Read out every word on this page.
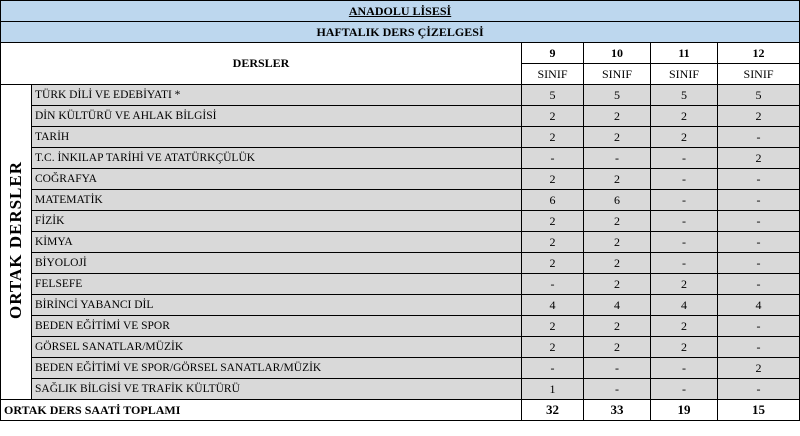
ANADOLU LİSESİ					
HAFTALIK DERS ÇİZELGESİ					
DERSLER		9	10	11	12
		SINIF	SINIF	SINIF	SINIF
ORTAK DERSLER	TÜRK DİLİ VE EDEBİYATI *	5	5	5	5
	DİN KÜLTÜRÜ VE AHLAK BİLGİSİ	2	2	2	2
	TARİH	2	2	2	-
	T.C. İNKILAP TARİHİ VE ATATÜRKÇÜLÜK	-	-	-	2
	COĞRAFYA	2	2	-	-
	MATEMATİK	6	6	-	-
	FİZİK	2	2	-	-
	KİMYA	2	2	-	-
	BİYOLOJİ	2	2	-	-
	FELSEFE	-	2	2	-
	BİRİNCİ YABANCI DİL	4	4	4	4
	BEDEN EĞİTİMİ VE SPOR	2	2	2	-
	GÖRSEL SANATLAR/MÜZİK	2	2	2	-
	BEDEN EĞİTİMİ VE SPOR/GÖRSEL SANATLAR/MÜZİK	-	-	-	2
	SAĞLIK BİLGİSİ VE TRAFİK KÜLTÜRÜ	1	-	-	-
ORTAK DERS SAATİ TOPLAMI		32	33	19	15
